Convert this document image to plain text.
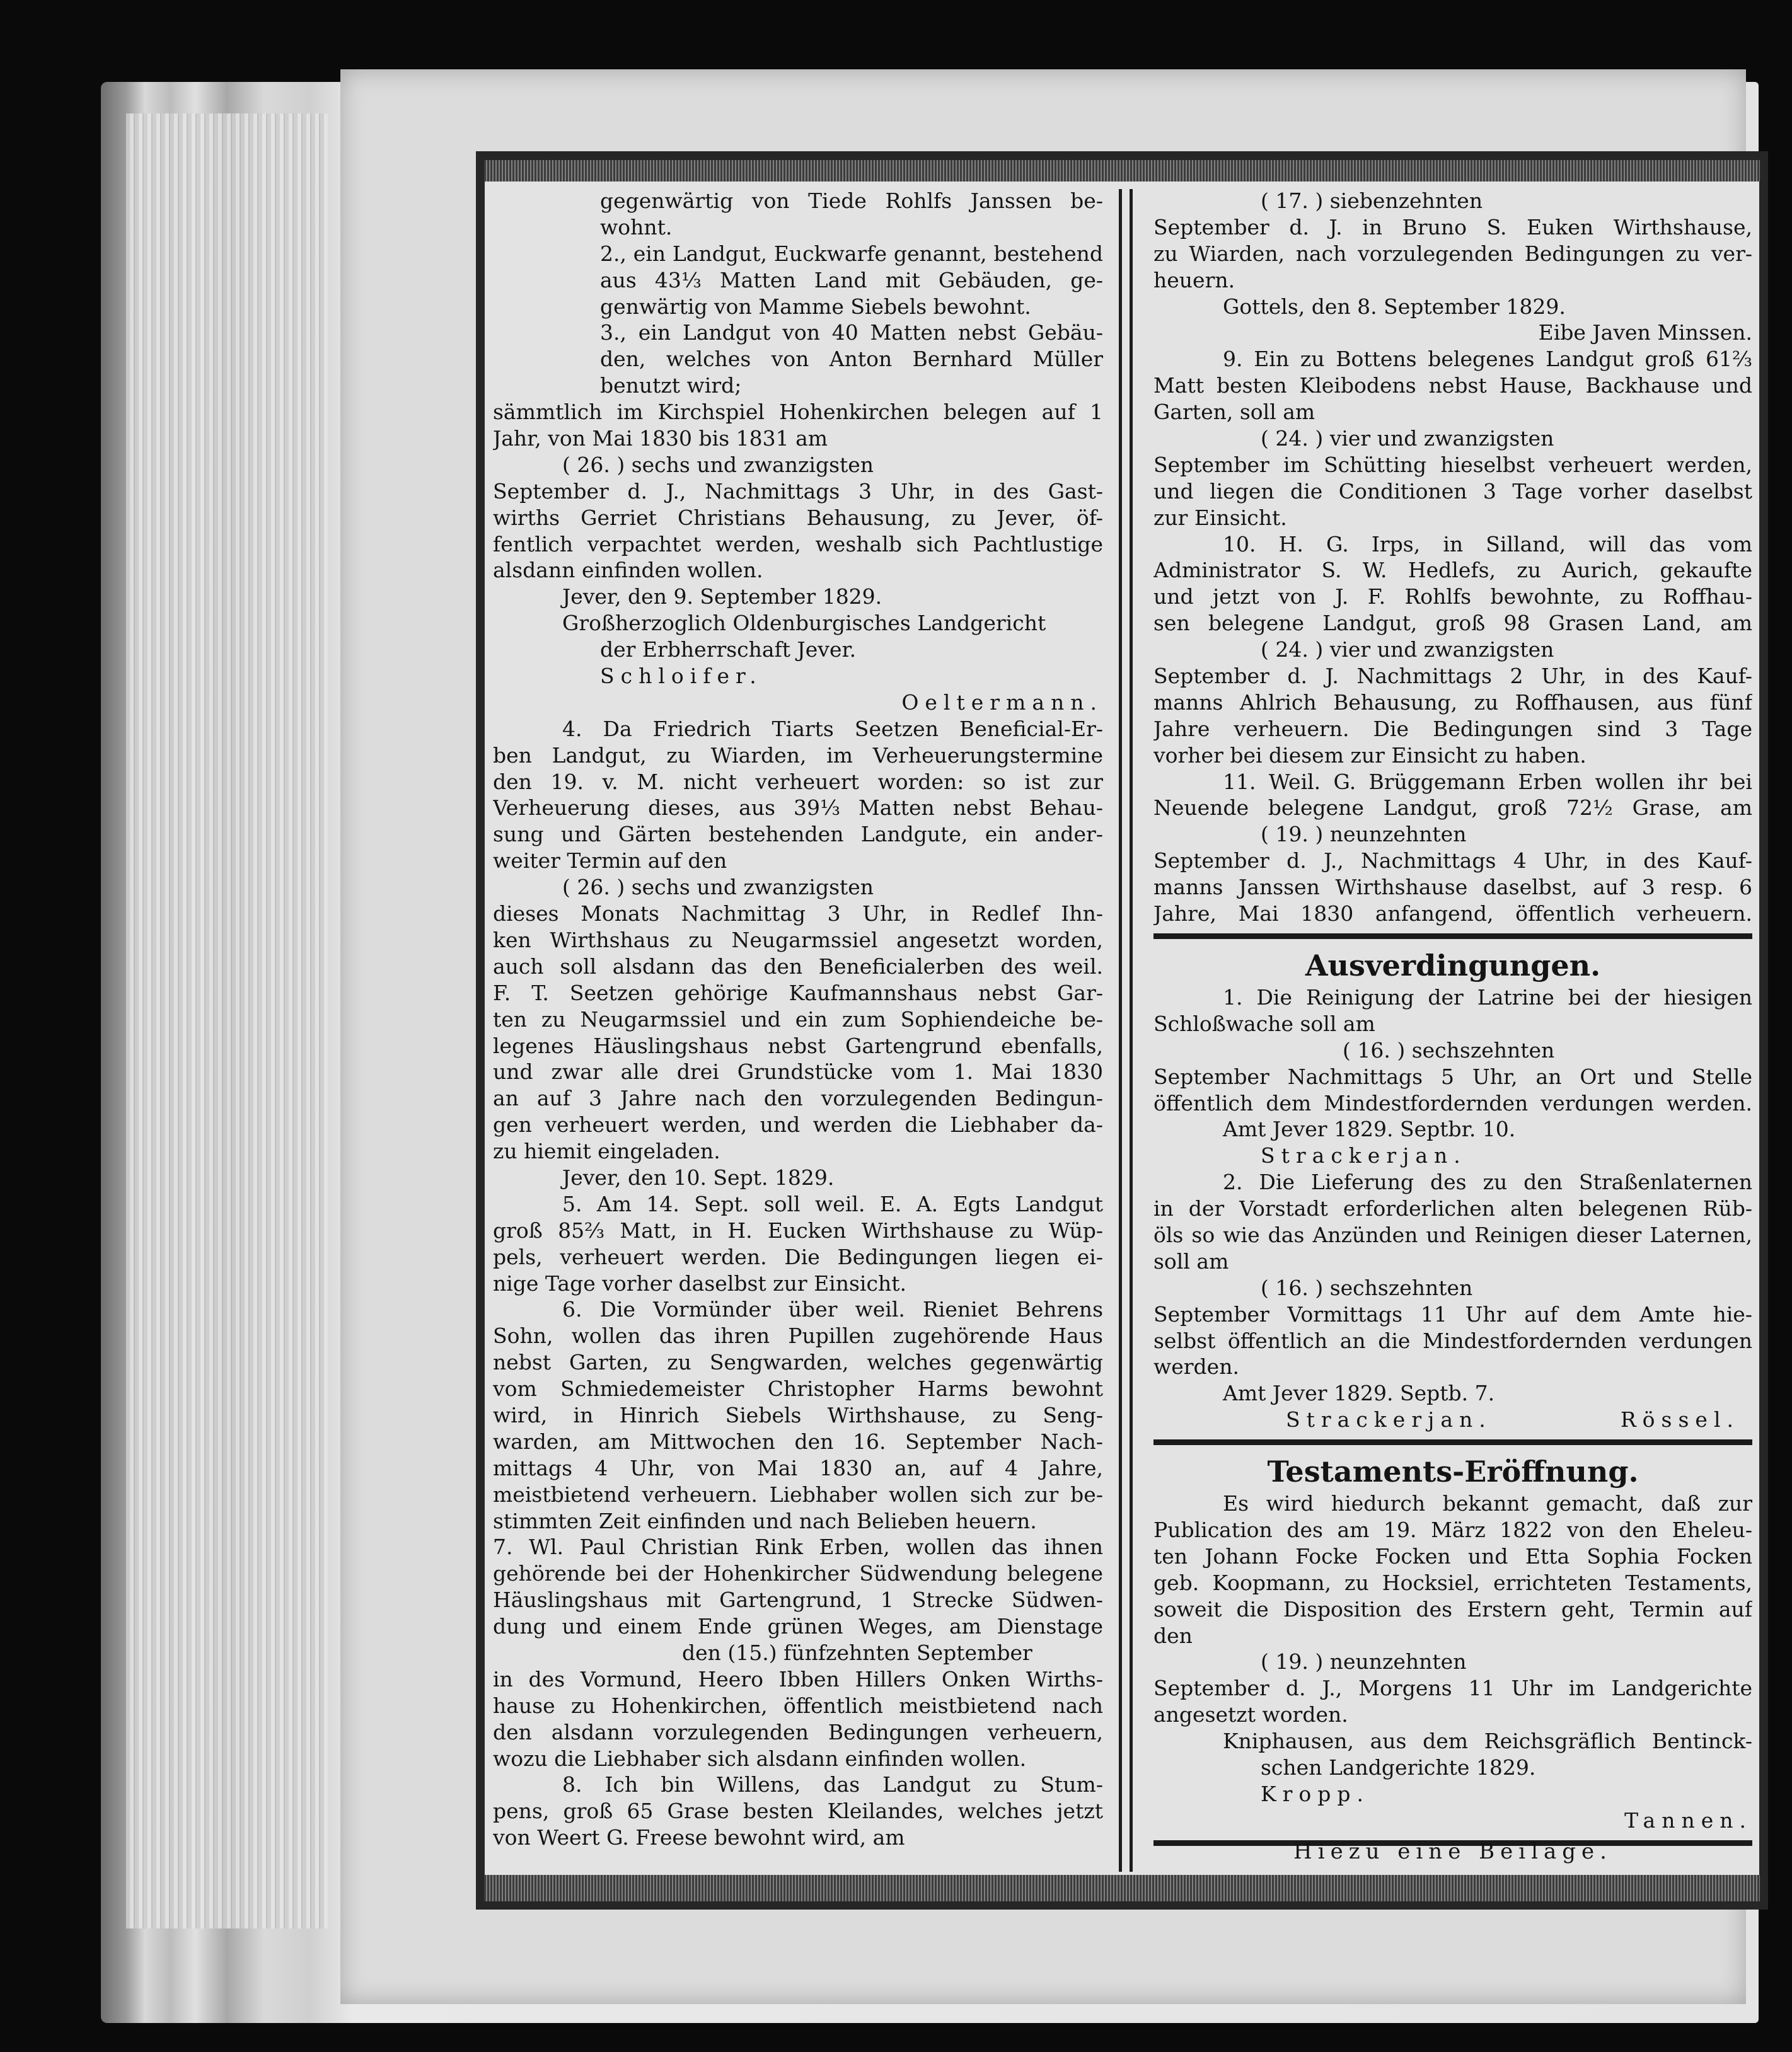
gegenwärtig von Tiede Rohlfs Janssen be-
wohnt.
2., ein Landgut, Euckwarfe genannt, bestehend
aus 43⅓ Matten Land mit Gebäuden, ge-
genwärtig von Mamme Siebels bewohnt.
3., ein Landgut von 40 Matten nebst Gebäu-
den, welches von Anton Bernhard Müller
benutzt wird;
sämmtlich im Kirchspiel Hohenkirchen belegen auf 1
Jahr, von Mai 1830 bis 1831 am
( 26. ) sechs und zwanzigsten
September d. J., Nachmittags 3 Uhr, in des Gast-
wirths Gerriet Christians Behausung, zu Jever, öf-
fentlich verpachtet werden, weshalb sich Pachtlustige
alsdann einfinden wollen.
Jever, den 9. September 1829.
Großherzoglich Oldenburgisches Landgericht
der Erbherrschaft Jever.
Schloifer.
Oeltermann.
4. Da Friedrich Tiarts Seetzen Beneficial-Er-
ben Landgut, zu Wiarden, im Verheuerungstermine
den 19. v. M. nicht verheuert worden: so ist zur
Verheuerung dieses, aus 39⅓ Matten nebst Behau-
sung und Gärten bestehenden Landgute, ein ander-
weiter Termin auf den
( 26. ) sechs und zwanzigsten
dieses Monats Nachmittag 3 Uhr, in Redlef Ihn-
ken Wirthshaus zu Neugarmssiel angesetzt worden,
auch soll alsdann das den Beneficialerben des weil.
F. T. Seetzen gehörige Kaufmannshaus nebst Gar-
ten zu Neugarmssiel und ein zum Sophiendeiche be-
legenes Häuslingshaus nebst Gartengrund ebenfalls,
und zwar alle drei Grundstücke vom 1. Mai 1830
an auf 3 Jahre nach den vorzulegenden Bedingun-
gen verheuert werden, und werden die Liebhaber da-
zu hiemit eingeladen.
Jever, den 10. Sept. 1829.
5. Am 14. Sept. soll weil. E. A. Egts Landgut
groß 85⅔ Matt, in H. Eucken Wirthshause zu Wüp-
pels, verheuert werden. Die Bedingungen liegen ei-
nige Tage vorher daselbst zur Einsicht.
6. Die Vormünder über weil. Rieniet Behrens
Sohn, wollen das ihren Pupillen zugehörende Haus
nebst Garten, zu Sengwarden, welches gegenwärtig
vom Schmiedemeister Christopher Harms bewohnt
wird, in Hinrich Siebels Wirthshause, zu Seng-
warden, am Mittwochen den 16. September Nach-
mittags 4 Uhr, von Mai 1830 an, auf 4 Jahre,
meistbietend verheuern. Liebhaber wollen sich zur be-
stimmten Zeit einfinden und nach Belieben heuern.
7. Wl. Paul Christian Rink Erben, wollen das ihnen
gehörende bei der Hohenkircher Südwendung belegene
Häuslingshaus mit Gartengrund, 1 Strecke Südwen-
dung und einem Ende grünen Weges, am Dienstage
den (15.) fünfzehnten September
in des Vormund, Heero Ibben Hillers Onken Wirths-
hause zu Hohenkirchen, öffentlich meistbietend nach
den alsdann vorzulegenden Bedingungen verheuern,
wozu die Liebhaber sich alsdann einfinden wollen.
8. Ich bin Willens, das Landgut zu Stum-
pens, groß 65 Grase besten Kleilandes, welches jetzt
von Weert G. Freese bewohnt wird, am
( 17. ) siebenzehnten
September d. J. in Bruno S. Euken Wirthshause,
zu Wiarden, nach vorzulegenden Bedingungen zu ver-
heuern.
Gottels, den 8. September 1829.
Eibe Javen Minssen.
9. Ein zu Bottens belegenes Landgut groß 61⅔
Matt besten Kleibodens nebst Hause, Backhause und
Garten, soll am
( 24. ) vier und zwanzigsten
September im Schütting hieselbst verheuert werden,
und liegen die Conditionen 3 Tage vorher daselbst
zur Einsicht.
10. H. G. Irps, in Silland, will das vom
Administrator S. W. Hedlefs, zu Aurich, gekaufte
und jetzt von J. F. Rohlfs bewohnte, zu Roffhau-
sen belegene Landgut, groß 98 Grasen Land, am
( 24. ) vier und zwanzigsten
September d. J. Nachmittags 2 Uhr, in des Kauf-
manns Ahlrich Behausung, zu Roffhausen, aus fünf
Jahre verheuern. Die Bedingungen sind 3 Tage
vorher bei diesem zur Einsicht zu haben.
11. Weil. G. Brüggemann Erben wollen ihr bei
Neuende belegene Landgut, groß 72½ Grase, am
( 19. ) neunzehnten
September d. J., Nachmittags 4 Uhr, in des Kauf-
manns Janssen Wirthshause daselbst, auf 3 resp. 6
Jahre, Mai 1830 anfangend, öffentlich verheuern.
Ausverdingungen.
1. Die Reinigung der Latrine bei der hiesigen
Schloßwache soll am
( 16. ) sechszehnten
September Nachmittags 5 Uhr, an Ort und Stelle
öffentlich dem Mindestfordernden verdungen werden.
Amt Jever 1829. Septbr. 10.
Strackerjan.
2. Die Lieferung des zu den Straßenlaternen
in der Vorstadt erforderlichen alten belegenen Rüb-
öls so wie das Anzünden und Reinigen dieser Laternen,
soll am
( 16. ) sechszehnten
September Vormittags 11 Uhr auf dem Amte hie-
selbst öffentlich an die Mindestfordernden verdungen
werden.
Amt Jever 1829. Septb. 7.
Strackerjan.	Rössel.
Testaments-Eröffnung.
Es wird hiedurch bekannt gemacht, daß zur
Publication des am 19. März 1822 von den Eheleu-
ten Johann Focke Focken und Etta Sophia Focken
geb. Koopmann, zu Hocksiel, errichteten Testaments,
soweit die Disposition des Erstern geht, Termin auf
den
( 19. ) neunzehnten
September d. J., Morgens 11 Uhr im Landgerichte
angesetzt worden.
Kniphausen, aus dem Reichsgräflich Bentinck-
schen Landgerichte 1829.
Kropp.
Tannen.
Hiezu eine Beilage.
